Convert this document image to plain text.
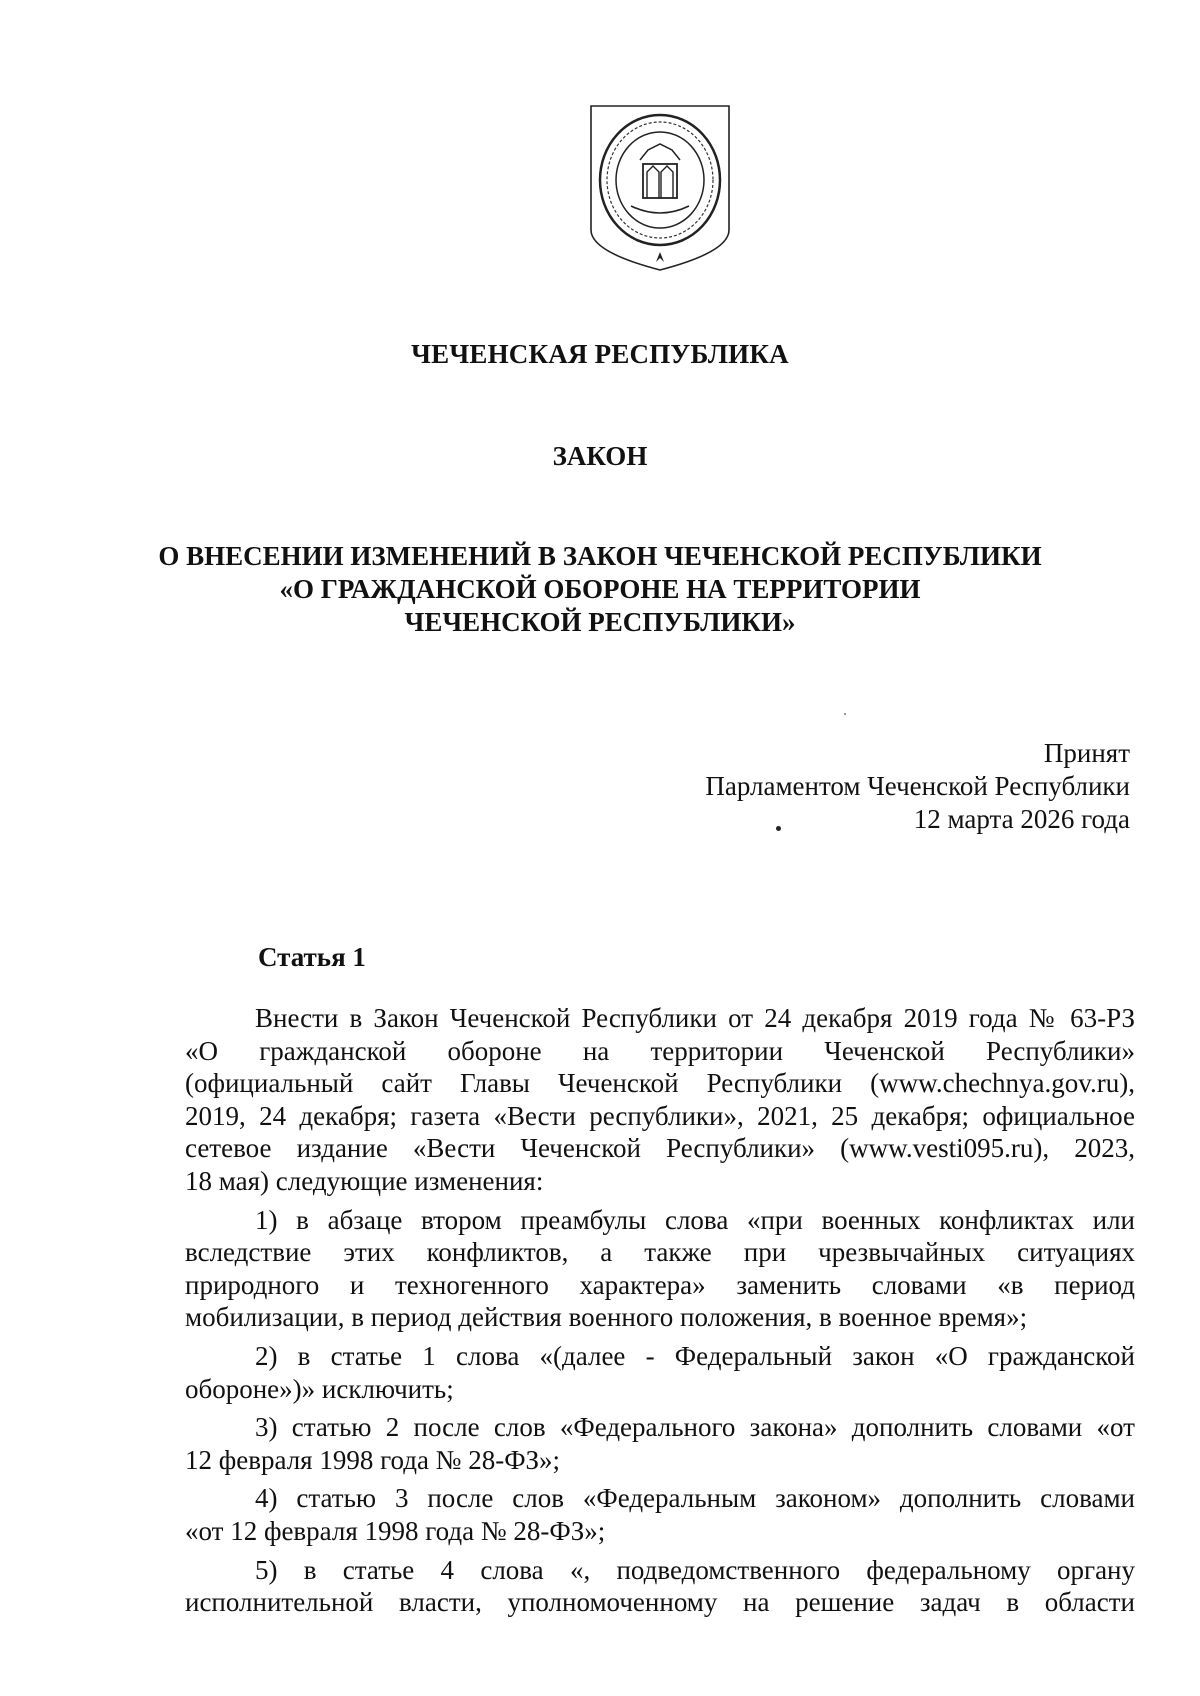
ЧЕЧЕНСКАЯ РЕСПУБЛИКА
ЗАКОН
О ВНЕСЕНИИ ИЗМЕНЕНИЙ В ЗАКОН ЧЕЧЕНСКОЙ РЕСПУБЛИКИ
«О ГРАЖДАНСКОЙ ОБОРОНЕ НА ТЕРРИТОРИИ
ЧЕЧЕНСКОЙ РЕСПУБЛИКИ»
Принят
Парламентом Чеченской Республики
12 марта 2026 года
Статья 1
Внести в Закон Чеченской Республики от 24 декабря 2019 года № 63-РЗ
«О гражданской обороне на территории Чеченской Республики»
(официальный сайт Главы Чеченской Республики (www.chechnya.gov.ru),
2019, 24 декабря; газета «Вести республики», 2021, 25 декабря; официальное
сетевое издание «Вести Чеченской Республики» (www.vesti095.ru), 2023,
18 мая) следующие изменения:
1) в абзаце втором преамбулы слова «при военных конфликтах или
вследствие этих конфликтов, а также при чрезвычайных ситуациях
природного и техногенного характера» заменить словами «в период
мобилизации, в период действия военного положения, в военное время»;
2) в статье 1 слова «(далее - Федеральный закон «О гражданской
обороне»)» исключить;
3) статью 2 после слов «Федерального закона» дополнить словами «от
12 февраля 1998 года № 28-ФЗ»;
4) статью 3 после слов «Федеральным законом» дополнить словами
«от 12 февраля 1998 года № 28-ФЗ»;
5) в статье 4 слова «, подведомственного федеральному органу
исполнительной власти, уполномоченному на решение задач в области
